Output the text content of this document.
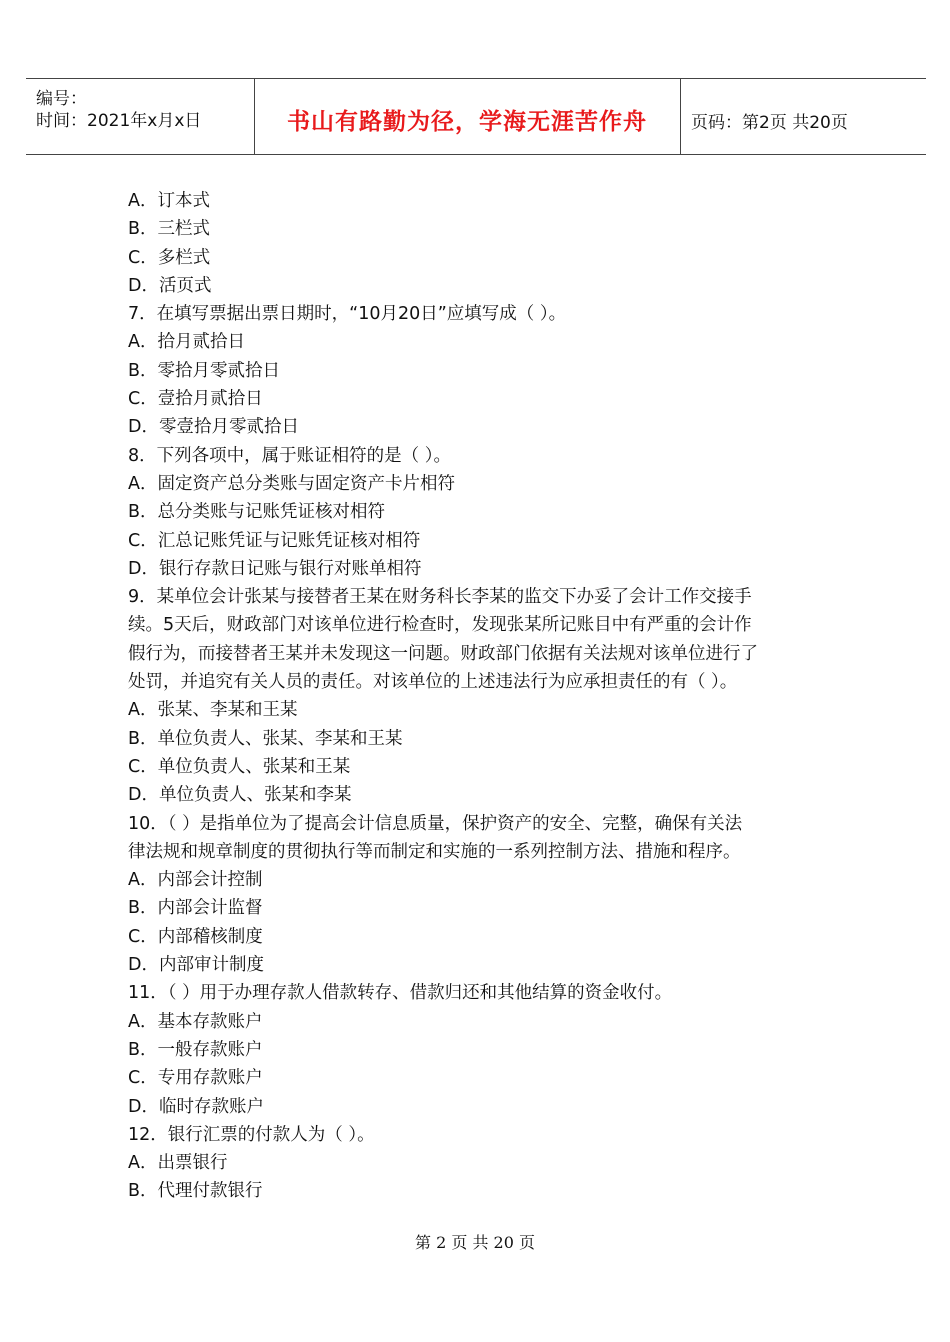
编号：
时间：2021年x月x日	书山有路勤为径，学海无涯苦作舟	页码：第2页 共20页
A．订本式
B．三栏式
C．多栏式
D．活页式
7．在填写票据出票日期时，“10月20日”应填写成（ ）。
A．拾月贰拾日
B．零拾月零贰拾日
C．壹拾月贰拾日
D．零壹拾月零贰拾日
8．下列各项中，属于账证相符的是（ ）。
A．固定资产总分类账与固定资产卡片相符
B．总分类账与记账凭证核对相符
C．汇总记账凭证与记账凭证核对相符
D．银行存款日记账与银行对账单相符
9．某单位会计张某与接替者王某在财务科长李某的监交下办妥了会计工作交接手
续。5天后，财政部门对该单位进行检查时，发现张某所记账目中有严重的会计作
假行为，而接替者王某并未发现这一问题。财政部门依据有关法规对该单位进行了
处罚，并追究有关人员的责任。对该单位的上述违法行为应承担责任的有（ ）。
A．张某、李某和王某
B．单位负责人、张某、李某和王某
C．单位负责人、张某和王某
D．单位负责人、张某和李某
10．（ ）是指单位为了提高会计信息质量，保护资产的安全、完整，确保有关法
律法规和规章制度的贯彻执行等而制定和实施的一系列控制方法、措施和程序。
A．内部会计控制
B．内部会计监督
C．内部稽核制度
D．内部审计制度
11．（ ）用于办理存款人借款转存、借款归还和其他结算的资金收付。
A．基本存款账户
B．一般存款账户
C．专用存款账户
D．临时存款账户
12．银行汇票的付款人为（ ）。
A．出票银行
B．代理付款银行
第 2 页 共 20 页
